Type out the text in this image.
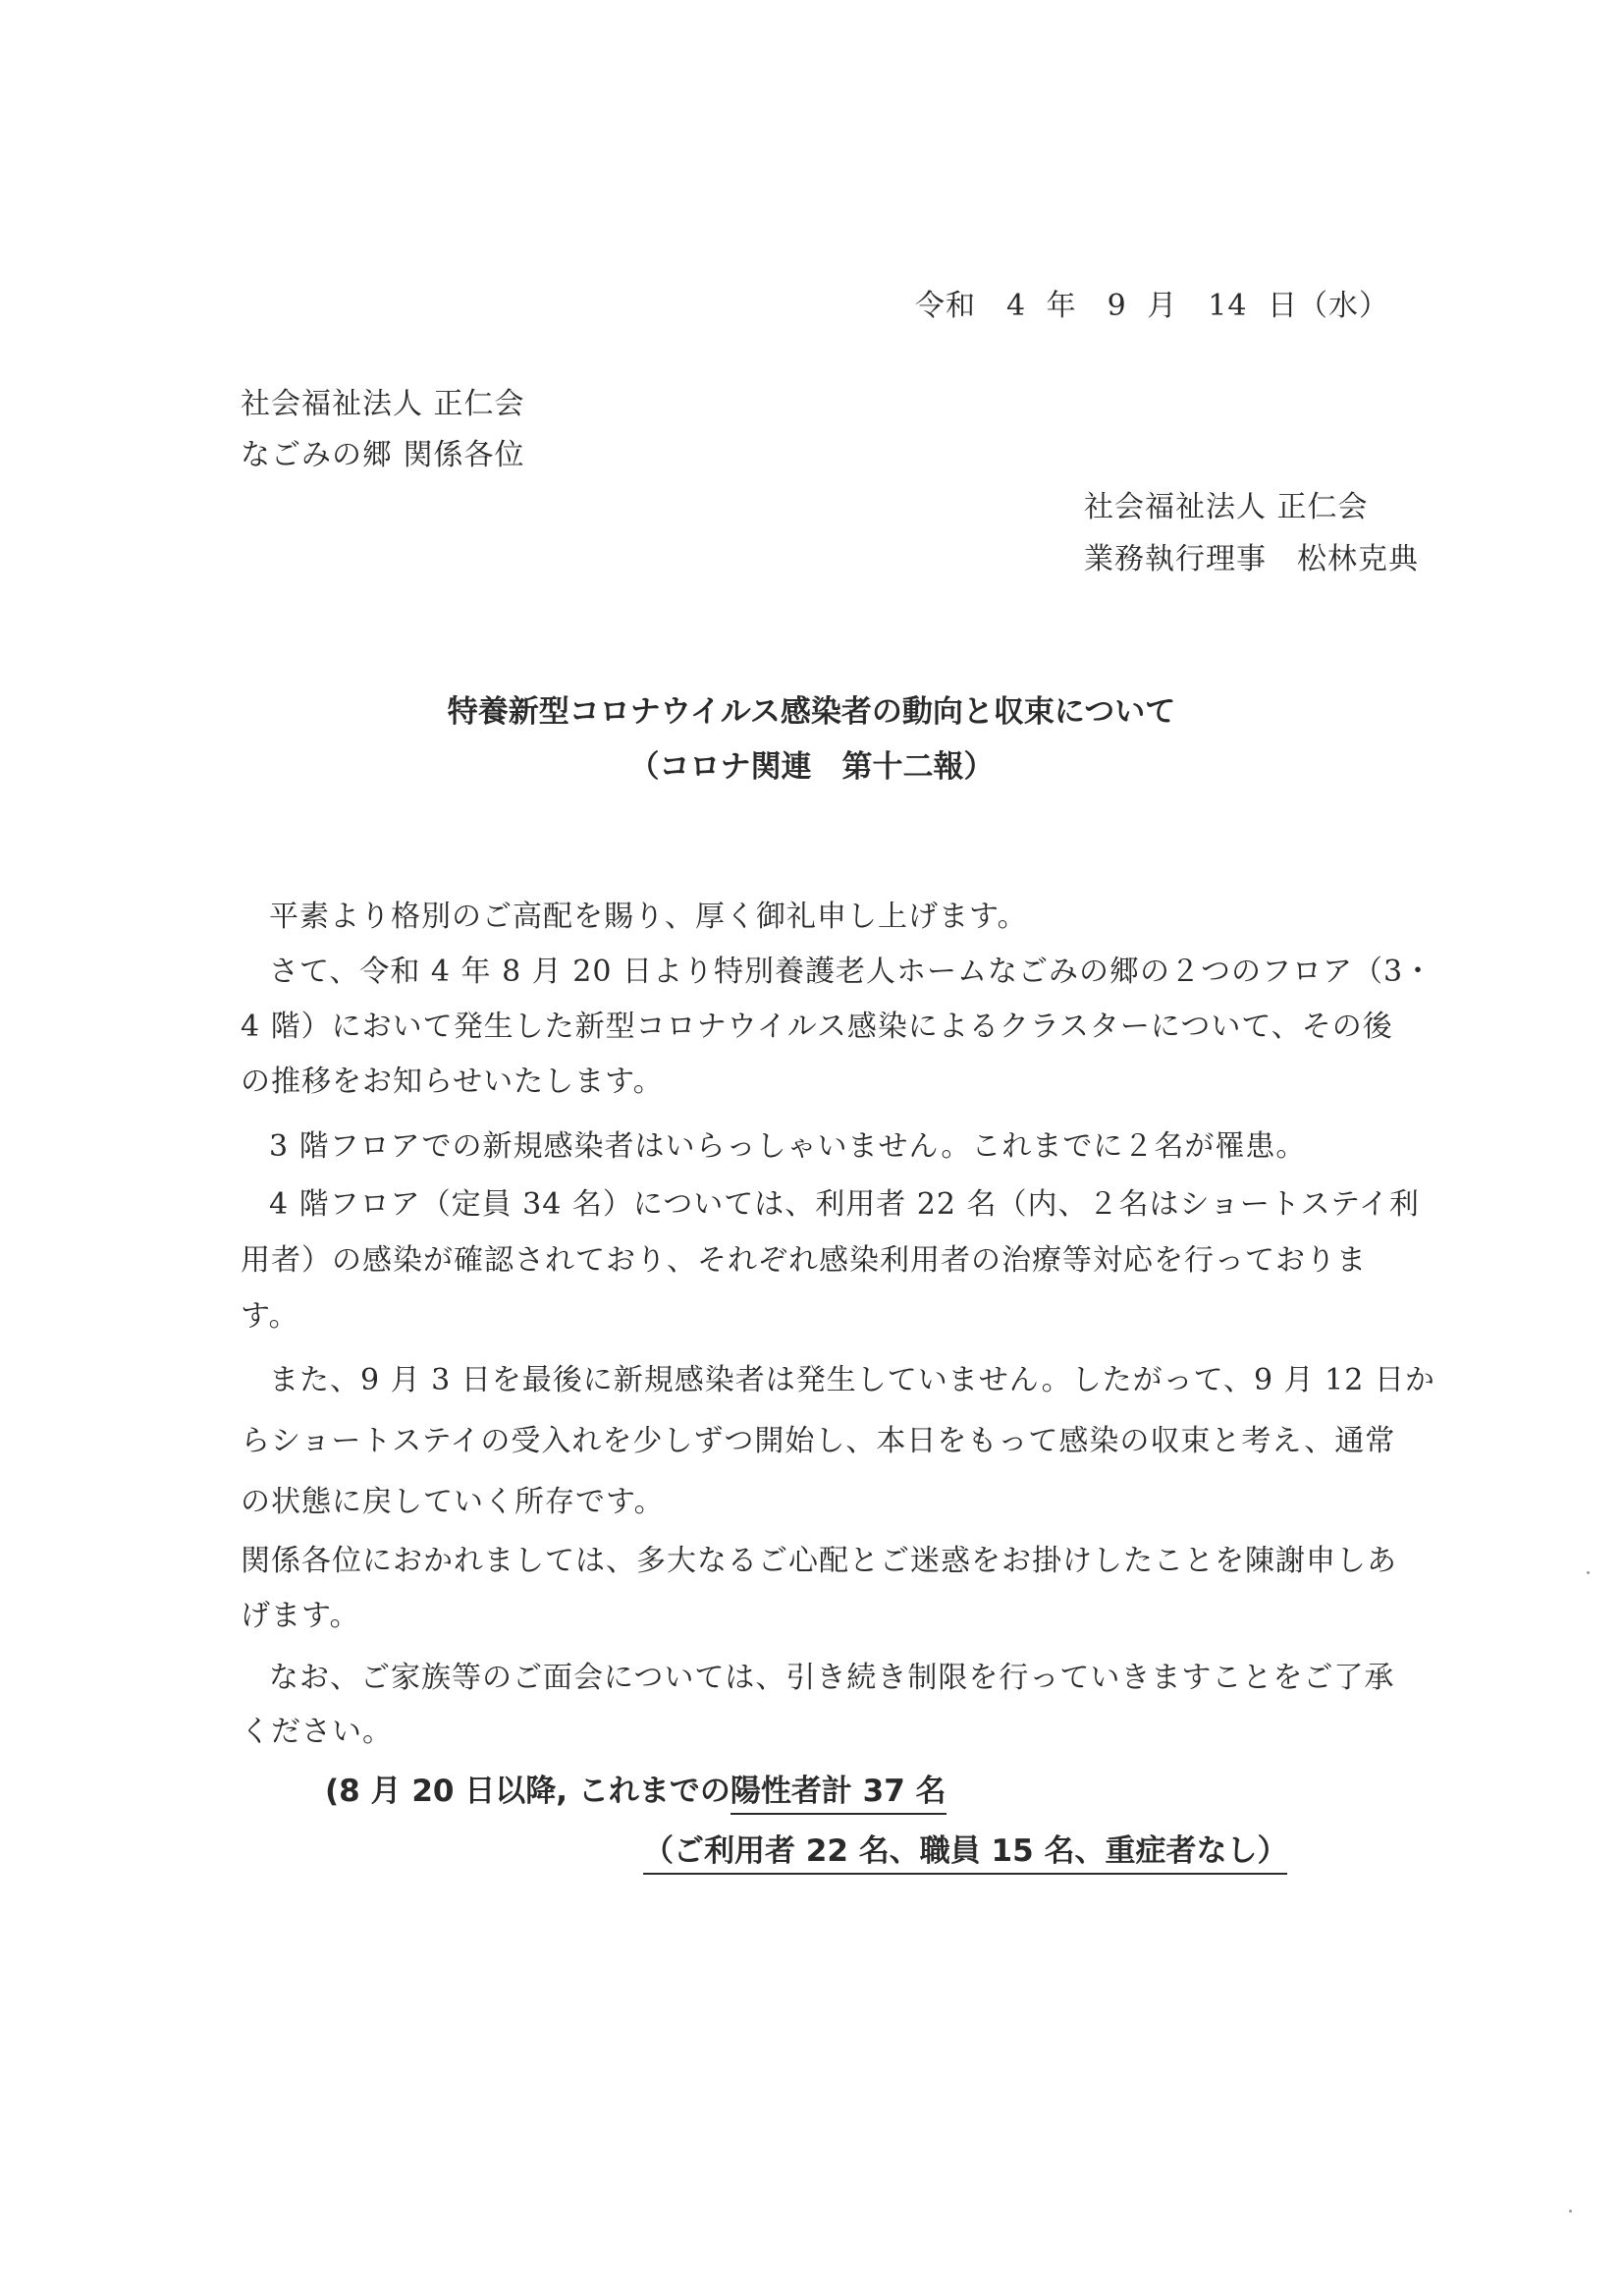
令和　4 年　9 月　14 日（水）
社会福祉法人 正仁会
なごみの郷 関係各位
社会福祉法人 正仁会
業務執行理事　松林克典
特養新型コロナウイルス感染者の動向と収束について
（コロナ関連　第十二報）
平素より格別のご高配を賜り、厚く御礼申し上げます。
さて、令和 4 年 8 月 20 日より特別養護老人ホームなごみの郷の２つのフロア（3・
4 階）において発生した新型コロナウイルス感染によるクラスターについて、その後
の推移をお知らせいたします。
3 階フロアでの新規感染者はいらっしゃいません。これまでに２名が罹患。
4 階フロア（定員 34 名）については、利用者 22 名（内、２名はショートステイ利
用者）の感染が確認されており、それぞれ感染利用者の治療等対応を行っておりま
す。
また、9 月 3 日を最後に新規感染者は発生していません。したがって、9 月 12 日か
らショートステイの受入れを少しずつ開始し、本日をもって感染の収束と考え、通常
の状態に戻していく所存です。
関係各位におかれましては、多大なるご心配とご迷惑をお掛けしたことを陳謝申しあ
げます。
なお、ご家族等のご面会については、引き続き制限を行っていきますことをご了承
ください。
(8 月 20 日以降, これまでの陽性者計 37 名
（ご利用者 22 名、職員 15 名、重症者なし）
